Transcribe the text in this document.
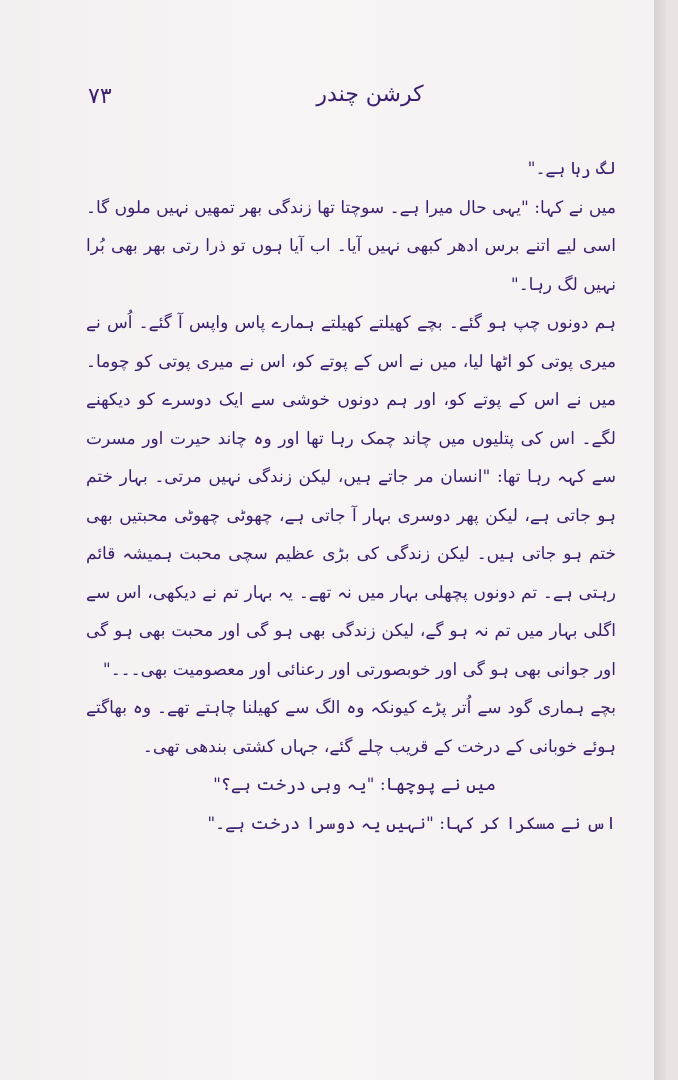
۷۳	کرشن چندر

لگ رہا ہے۔"

میں نے کہا: "یہی حال میرا ہے۔ سوچتا تھا زندگی بھر تمھیں نہیں ملوں گا۔ اسی لیے اتنے برس ادھر کبھی نہیں آیا۔ اب آیا ہوں تو ذرا رتی بھر بھی بُرا نہیں لگ رہا۔"

ہم دونوں چپ ہو گئے۔ بچے کھیلتے کھیلتے ہمارے پاس واپس آ گئے۔ اُس نے میری پوتی کو اٹھا لیا، میں نے اس کے پوتے کو، اس نے میری پوتی کو چوما۔ میں نے اس کے پوتے کو، اور ہم دونوں خوشی سے ایک دوسرے کو دیکھنے لگے۔ اس کی پتلیوں میں چاند چمک رہا تھا اور وہ چاند حیرت اور مسرت سے کہہ رہا تھا: "انسان مر جاتے ہیں، لیکن زندگی نہیں مرتی۔ بہار ختم ہو جاتی ہے، لیکن پھر دوسری بہار آ جاتی ہے، چھوٹی چھوٹی محبتیں بھی ختم ہو جاتی ہیں۔ لیکن زندگی کی بڑی عظیم سچی محبت ہمیشہ قائم رہتی ہے۔ تم دونوں پچھلی بہار میں نہ تھے۔ یہ بہار تم نے دیکھی، اس سے اگلی بہار میں تم نہ ہو گے، لیکن زندگی بھی ہو گی اور محبت بھی ہو گی اور جوانی بھی ہو گی اور خوبصورتی اور رعنائی اور معصومیت بھی۔۔۔"

بچے ہماری گود سے اُتر پڑے کیونکہ وہ الگ سے کھیلنا چاہتے تھے۔ وہ بھاگتے ہوئے خوبانی کے درخت کے قریب چلے گئے، جہاں کشتی بندھی تھی۔

میں نے پوچھا: "یہ وہی درخت ہے؟"

اس نے مسکرا کر کہا: "نہیں یہ دوسرا درخت ہے۔"
